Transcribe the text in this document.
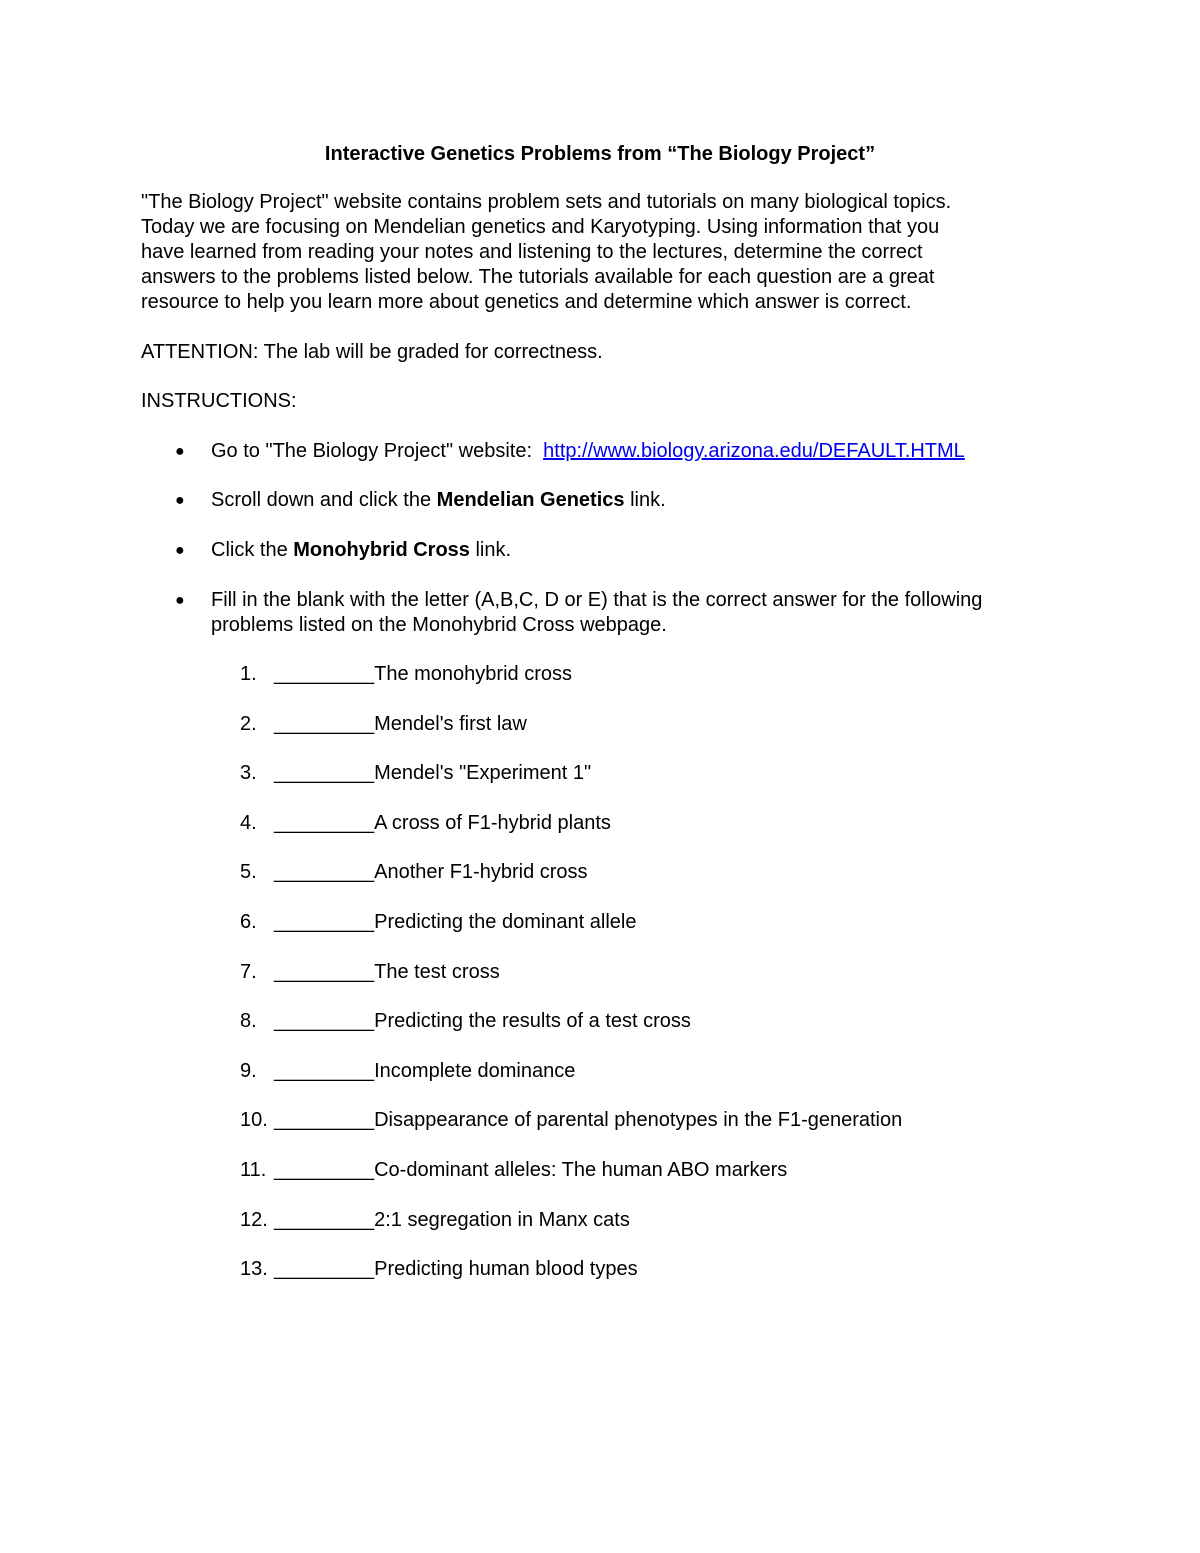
Interactive Genetics Problems from “The Biology Project”
"The Biology Project" website contains problem sets and tutorials on many biological topics.
Today we are focusing on Mendelian genetics and Karyotyping. Using information that you
have learned from reading your notes and listening to the lectures, determine the correct
answers to the problems listed below. The tutorials available for each question are a great
resource to help you learn more about genetics and determine which answer is correct.
ATTENTION: The lab will be graded for correctness.
INSTRUCTIONS:
● Go to "The Biology Project" website:  http://www.biology.arizona.edu/DEFAULT.HTML
● Scroll down and click the Mendelian Genetics link.
● Click the Monohybrid Cross link.
● Fill in the blank with the letter (A,B,C, D or E) that is the correct answer for the following
problems listed on the Monohybrid Cross webpage.
1. _________The monohybrid cross
2. _________Mendel's first law
3. _________Mendel's "Experiment 1"
4. _________A cross of F1-hybrid plants
5. _________Another F1-hybrid cross
6. _________Predicting the dominant allele
7. _________The test cross
8. _________Predicting the results of a test cross
9. _________Incomplete dominance
10. _________Disappearance of parental phenotypes in the F1-generation
11. _________Co-dominant alleles: The human ABO markers
12. _________2:1 segregation in Manx cats
13. _________Predicting human blood types
